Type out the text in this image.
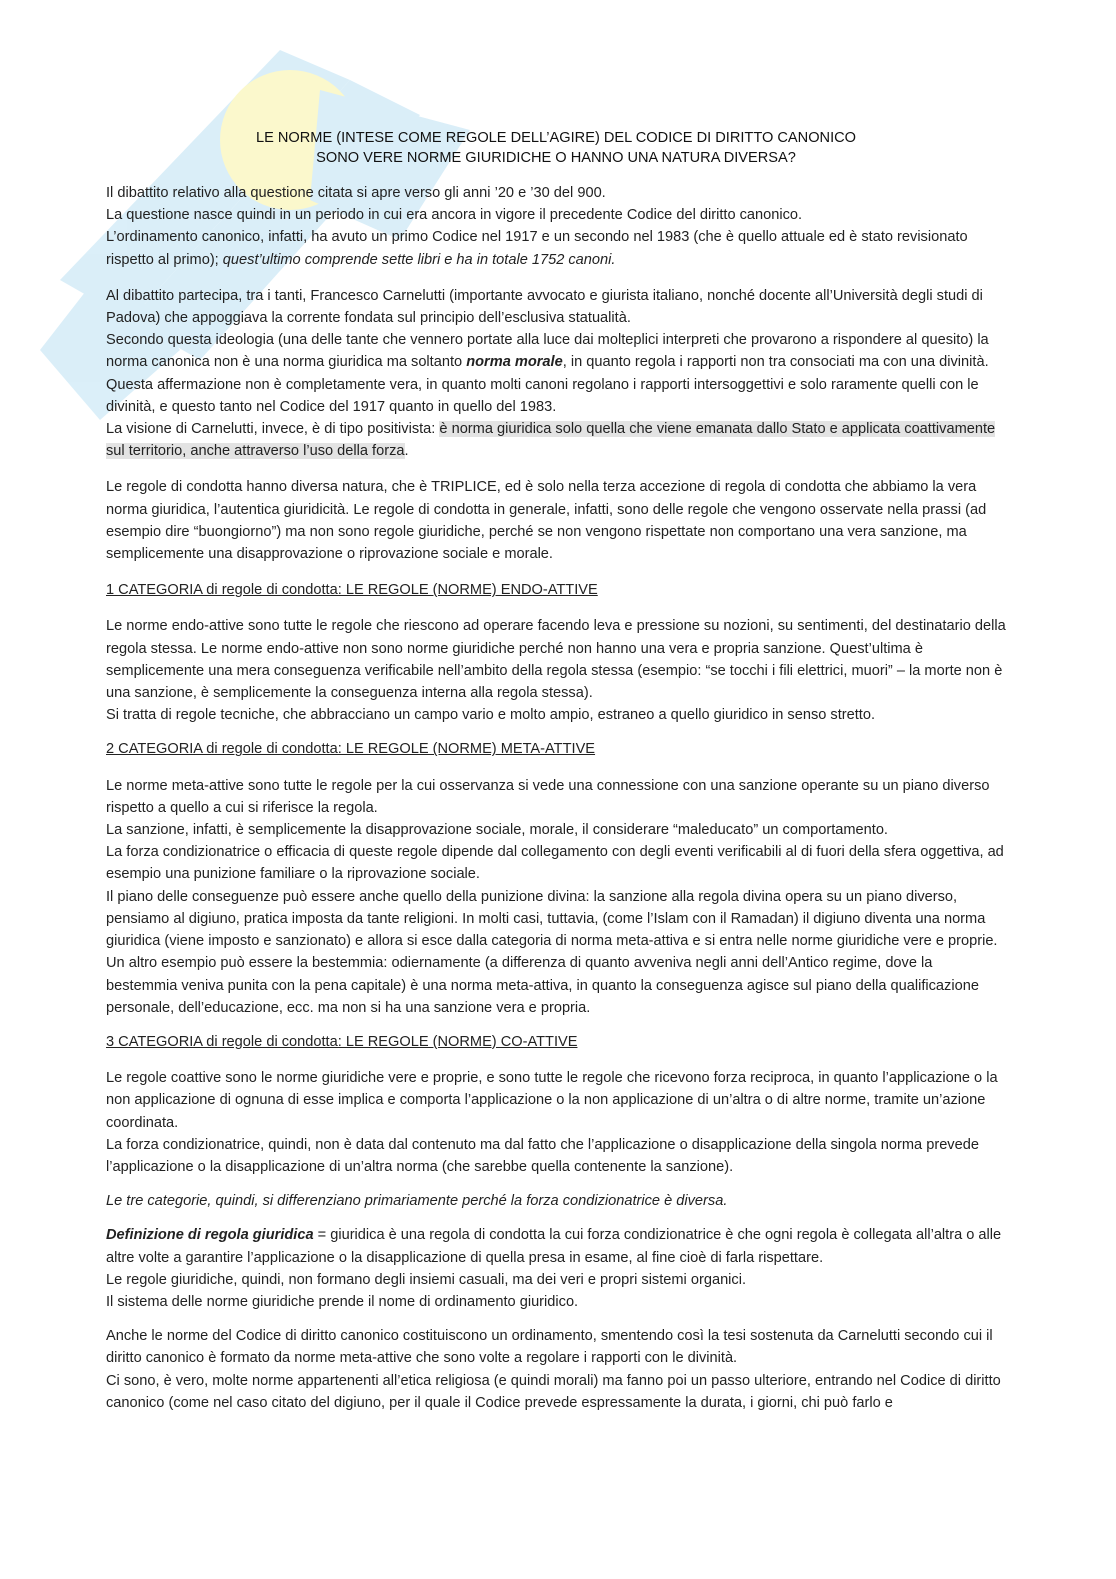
LE NORME (INTESE COME REGOLE DELL’AGIRE) DEL CODICE DI DIRITTO CANONICO
SONO VERE NORME GIURIDICHE O HANNO UNA NATURA DIVERSA?

Il dibattito relativo alla questione citata si apre verso gli anni ’20 e ’30 del 900.
La questione nasce quindi in un periodo in cui era ancora in vigore il precedente Codice del diritto canonico.
L’ordinamento canonico, infatti, ha avuto un primo Codice nel 1917 e un secondo nel 1983 (che è quello attuale ed è stato revisionato rispetto al primo); quest’ultimo comprende sette libri e ha in totale 1752 canoni.

Al dibattito partecipa, tra i tanti, Francesco Carnelutti (importante avvocato e giurista italiano, nonché docente all’Università degli studi di Padova) che appoggiava la corrente fondata sul principio dell’esclusiva statualità.
Secondo questa ideologia (una delle tante che vennero portate alla luce dai molteplici interpreti che provarono a rispondere al quesito) la norma canonica non è una norma giuridica ma soltanto norma morale, in quanto regola i rapporti non tra consociati ma con una divinità. Questa affermazione non è completamente vera, in quanto molti canoni regolano i rapporti intersoggettivi e solo raramente quelli con le divinità, e questo tanto nel Codice del 1917 quanto in quello del 1983.
La visione di Carnelutti, invece, è di tipo positivista: è norma giuridica solo quella che viene emanata dallo Stato e applicata coattivamente sul territorio, anche attraverso l’uso della forza.

Le regole di condotta hanno diversa natura, che è TRIPLICE, ed è solo nella terza accezione di regola di condotta che abbiamo la vera norma giuridica, l’autentica giuridicità. Le regole di condotta in generale, infatti, sono delle regole che vengono osservate nella prassi (ad esempio dire “buongiorno”) ma non sono regole giuridiche, perché se non vengono rispettate non comportano una vera sanzione, ma semplicemente una disapprovazione o riprovazione sociale e morale.

1 CATEGORIA di regole di condotta: LE REGOLE (NORME) ENDO-ATTIVE

Le norme endo-attive sono tutte le regole che riescono ad operare facendo leva e pressione su nozioni, su sentimenti, del destinatario della regola stessa. Le norme endo-attive non sono norme giuridiche perché non hanno una vera e propria sanzione. Quest’ultima è semplicemente una mera conseguenza verificabile nell’ambito della regola stessa (esempio: “se tocchi i fili elettrici, muori” – la morte non è una sanzione, è semplicemente la conseguenza interna alla regola stessa).
Si tratta di regole tecniche, che abbracciano un campo vario e molto ampio, estraneo a quello giuridico in senso stretto.

2 CATEGORIA di regole di condotta: LE REGOLE (NORME) META-ATTIVE

Le norme meta-attive sono tutte le regole per la cui osservanza si vede una connessione con una sanzione operante su un piano diverso rispetto a quello a cui si riferisce la regola.
La sanzione, infatti, è semplicemente la disapprovazione sociale, morale, il considerare “maleducato” un comportamento.
La forza condizionatrice o efficacia di queste regole dipende dal collegamento con degli eventi verificabili al di fuori della sfera oggettiva, ad esempio una punizione familiare o la riprovazione sociale.
Il piano delle conseguenze può essere anche quello della punizione divina: la sanzione alla regola divina opera su un piano diverso, pensiamo al digiuno, pratica imposta da tante religioni. In molti casi, tuttavia, (come l’Islam con il Ramadan) il digiuno diventa una norma giuridica (viene imposto e sanzionato) e allora si esce dalla categoria di norma meta-attiva e si entra nelle norme giuridiche vere e proprie.
Un altro esempio può essere la bestemmia: odiernamente (a differenza di quanto avveniva negli anni dell’Antico regime, dove la bestemmia veniva punita con la pena capitale) è una norma meta-attiva, in quanto la conseguenza agisce sul piano della qualificazione personale, dell’educazione, ecc. ma non si ha una sanzione vera e propria.

3 CATEGORIA di regole di condotta: LE REGOLE (NORME) CO-ATTIVE

Le regole coattive sono le norme giuridiche vere e proprie, e sono tutte le regole che ricevono forza reciproca, in quanto l’applicazione o la non applicazione di ognuna di esse implica e comporta l’applicazione o la non applicazione di un’altra o di altre norme, tramite un’azione coordinata.
La forza condizionatrice, quindi, non è data dal contenuto ma dal fatto che l’applicazione o disapplicazione della singola norma prevede l’applicazione o la disapplicazione di un’altra norma (che sarebbe quella contenente la sanzione).

Le tre categorie, quindi, si differenziano primariamente perché la forza condizionatrice è diversa.

Definizione di regola giuridica = giuridica è una regola di condotta la cui forza condizionatrice è che ogni regola è collegata all’altra o alle altre volte a garantire l’applicazione o la disapplicazione di quella presa in esame, al fine cioè di farla rispettare.
Le regole giuridiche, quindi, non formano degli insiemi casuali, ma dei veri e propri sistemi organici.
Il sistema delle norme giuridiche prende il nome di ordinamento giuridico.

Anche le norme del Codice di diritto canonico costituiscono un ordinamento, smentendo così la tesi sostenuta da Carnelutti secondo cui il diritto canonico è formato da norme meta-attive che sono volte a regolare i rapporti con le divinità.
Ci sono, è vero, molte norme appartenenti all’etica religiosa (e quindi morali) ma fanno poi un passo ulteriore, entrando nel Codice di diritto canonico (come nel caso citato del digiuno, per il quale il Codice prevede espressamente la durata, i giorni, chi può farlo e
